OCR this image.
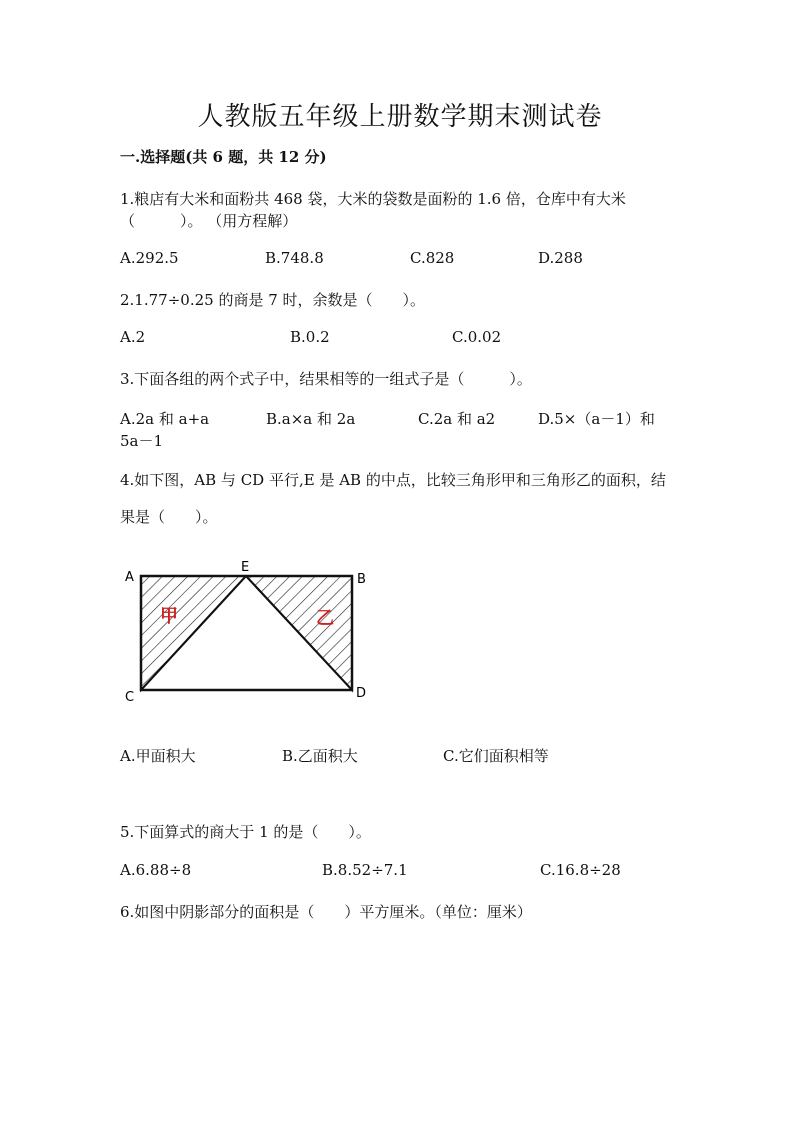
人教版五年级上册数学期末测试卷
一.选择题(共 6 题，共 12 分)
1.粮店有大米和面粉共 468 袋，大米的袋数是面粉的 1.6 倍，仓库中有大米
（　　　）。 （用方程解）
A.292.5	B.748.8	C.828	D.288
2.1.77÷0.25 的商是 7 时，余数是（　　）。
A.2	B.0.2	C.0.02
3.下面各组的两个式子中，结果相等的一组式子是（　　　）。
A.2a 和 a+a	B.a×a 和 2a	C.2a 和 a2	D.5×（a－1）和
5a－1
4.如下图，AB 与 CD 平行,E 是 AB 的中点，比较三角形甲和三角形乙的面积，结
果是（　　）。
A
E
B
C	D
甲	乙
A.甲面积大	B.乙面积大	C.它们面积相等
5.下面算式的商大于 1 的是（　　）。
A.6.88÷8	B.8.52÷7.1	C.16.8÷28
6.如图中阴影部分的面积是（　　）平方厘米。（单位：厘米）
